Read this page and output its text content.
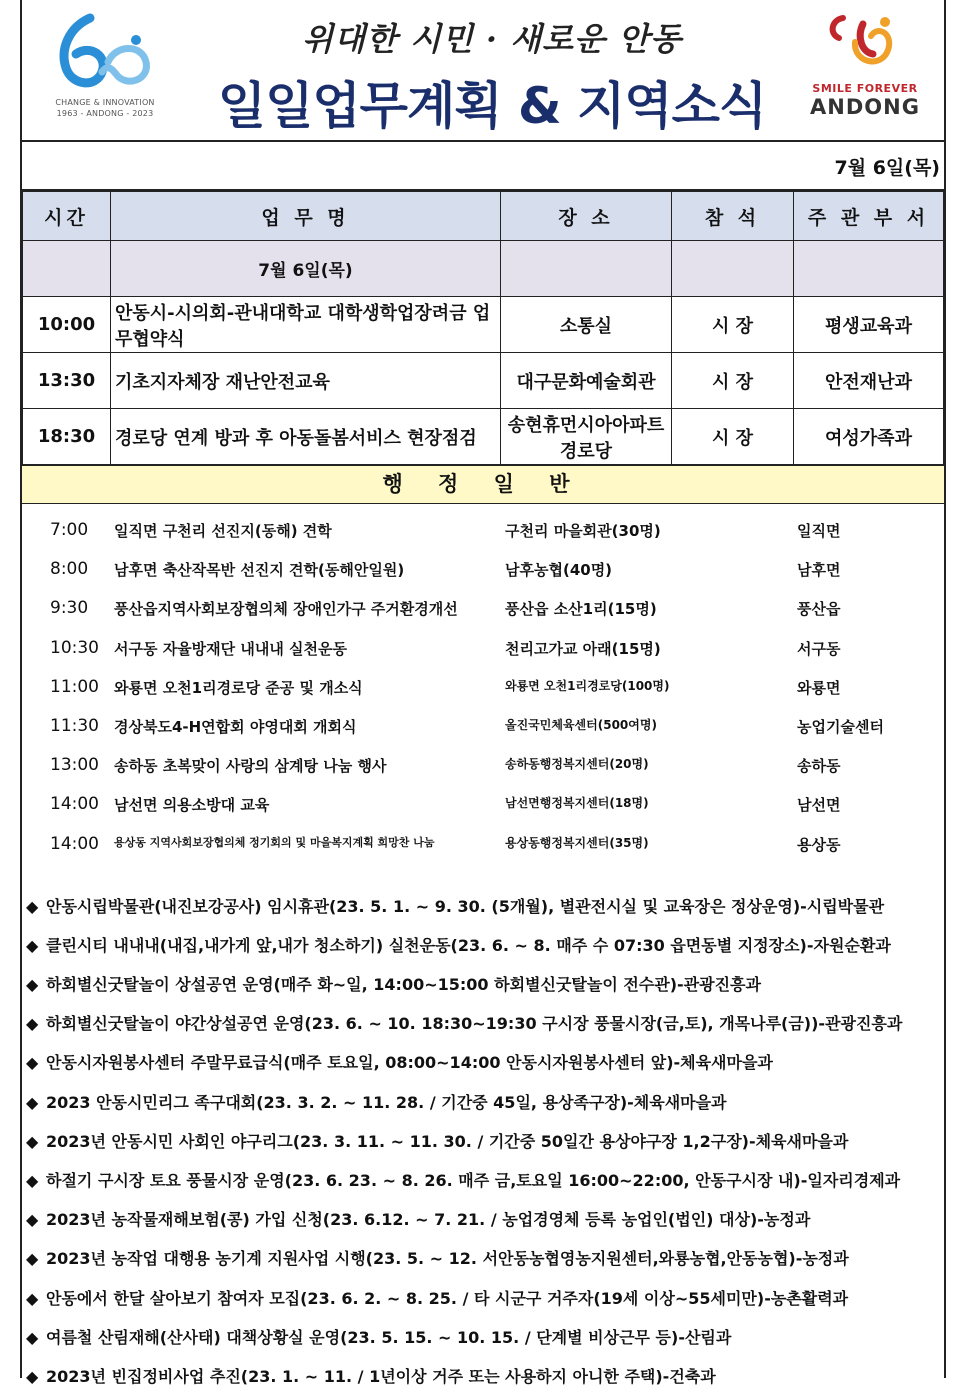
CHANGE & INNOVATION
1963 - ANDONG - 2023
위대한 시민 · 새로운 안동
일일업무계획 & 지역소식	SMILE FOREVER
ANDONG
7월 6일(목)
시간	업 무 명	장 소	참 석	주 관 부 서
	7월 6일(목)			
10:00	안동시-시의회-관내대학교 대학생학업장려금 업무협약식	소통실	시 장	평생교육과
13:30	기초지자체장 재난안전교육	대구문화예술회관	시 장	안전재난과
18:30	경로당 연계 방과 후 아동돌봄서비스 현장점검	송현휴먼시아아파트경로당	시 장	여성가족과
행 정 일 반
7:00 일직면 구천리 선진지(동해) 견학	구천리 마을회관(30명)	일직면
8:00 남후면 축산작목반 선진지 견학(동해안일원)	남후농협(40명)	남후면
9:30 풍산읍지역사회보장협의체 장애인가구 주거환경개선	풍산읍 소산1리(15명)	풍산읍
10:30 서구동 자율방재단 내내내 실천운동	천리고가교 아래(15명)	서구동
11:00 와룡면 오천1리경로당 준공 및 개소식	와룡면 오천1리경로당(100명)	와룡면
11:30 경상북도4-H연합회 야영대회 개회식	올진국민체육센터(500여명)	농업기술센터
13:00 송하동 초복맞이 사랑의 삼계탕 나눔 행사	송하동행정복지센터(20명)	송하동
14:00 남선면 의용소방대 교육	남선면행정복지센터(18명)	남선면
14:00 용상동 지역사회보장협의체 정기회의 및 마을복지계획 희망찬 나눔	용상동행정복지센터(35명)	용상동
◆ 안동시립박물관(내진보강공사) 임시휴관(23. 5. 1. ~ 9. 30. (5개월), 별관전시실 및 교육장은 정상운영)-시립박물관
◆ 클린시티 내내내(내집,내가게 앞,내가 청소하기) 실천운동(23. 6. ~ 8. 매주 수 07:30 읍면동별 지정장소)-자원순환과
◆ 하회별신굿탈놀이 상설공연 운영(매주 화~일, 14:00~15:00 하회별신굿탈놀이 전수관)-관광진흥과
◆ 하회별신굿탈놀이 야간상설공연 운영(23. 6. ~ 10. 18:30~19:30 구시장 풍물시장(금,토), 개목나루(금))-관광진흥과
◆ 안동시자원봉사센터 주말무료급식(매주 토요일, 08:00~14:00 안동시자원봉사센터 앞)-체육새마을과
◆ 2023 안동시민리그 족구대회(23. 3. 2. ~ 11. 28. / 기간중 45일, 용상족구장)-체육새마을과
◆ 2023년 안동시민 사회인 야구리그(23. 3. 11. ~ 11. 30. / 기간중 50일간 용상야구장 1,2구장)-체육새마을과
◆ 하절기 구시장 토요 풍물시장 운영(23. 6. 23. ~ 8. 26. 매주 금,토요일 16:00~22:00, 안동구시장 내)-일자리경제과
◆ 2023년 농작물재해보험(콩) 가입 신청(23. 6.12. ~ 7. 21. / 농업경영체 등록 농업인(법인) 대상)-농정과
◆ 2023년 농작업 대행용 농기계 지원사업 시행(23. 5. ~ 12. 서안동농협영농지원센터,와룡농협,안동농협)-농정과
◆ 안동에서 한달 살아보기 참여자 모집(23. 6. 2. ~ 8. 25. / 타 시군구 거주자(19세 이상~55세미만)-농촌활력과
◆ 여름철 산림재해(산사태) 대책상황실 운영(23. 5. 15. ~ 10. 15. / 단계별 비상근무 등)-산림과
◆ 2023년 빈집정비사업 추진(23. 1. ~ 11. / 1년이상 거주 또는 사용하지 아니한 주택)-건축과
